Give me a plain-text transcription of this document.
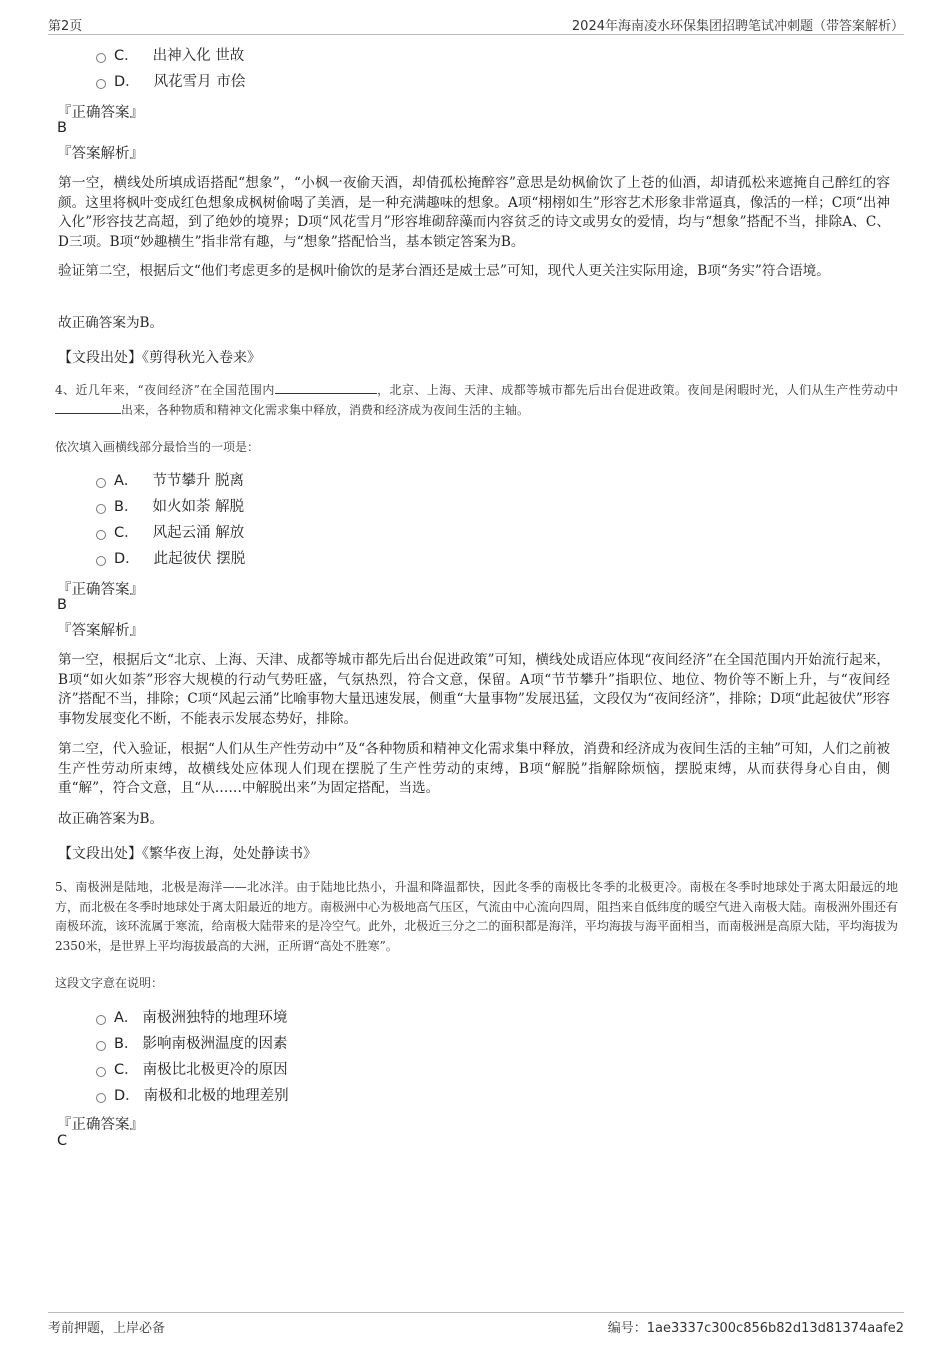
第2页	2024年海南凌水环保集团招聘笔试冲刺题（带答案解析）
C． 出神入化 世故
D． 风花雪月 市侩
『正确答案』
B
『答案解析』
第一空，横线处所填成语搭配“想象”，“小枫一夜偷天酒，却倩孤松掩醉容”意思是幼枫偷饮了上苍的仙酒，却请孤松来遮掩自己醉红的容颜。这里将枫叶变成红色想象成枫树偷喝了美酒，是一种充满趣味的想象。A项“栩栩如生”形容艺术形象非常逼真，像活的一样；C项“出神入化”形容技艺高超，到了绝妙的境界；D项“风花雪月”形容堆砌辞藻而内容贫乏的诗文或男女的爱情，均与“想象”搭配不当，排除A、C、D三项。B项“妙趣横生”指非常有趣，与“想象”搭配恰当，基本锁定答案为B。
验证第二空，根据后文“他们考虑更多的是枫叶偷饮的是茅台酒还是威士忌”可知，现代人更关注实际用途，B项“务实”符合语境。
故正确答案为B。
【文段出处】《剪得秋光入卷来》
4、近几年来，“夜间经济”在全国范围内	，北京、上海、天津、成都等城市都先后出台促进政策。夜间是闲暇时光，人们从生产性劳动中出来，各种物质和精神文化需求集中释放，消费和经济成为夜间生活的主轴。
依次填入画横线部分最恰当的一项是：
A． 节节攀升 脱离
B． 如火如荼 解脱
C． 风起云涌 解放
D． 此起彼伏 摆脱
『正确答案』
B
『答案解析』
第一空，根据后文“北京、上海、天津、成都等城市都先后出台促进政策”可知，横线处成语应体现“夜间经济”在全国范围内开始流行起来，B项“如火如荼”形容大规模的行动气势旺盛，气氛热烈，符合文意，保留。A项“节节攀升”指职位、地位、物价等不断上升，与“夜间经济”搭配不当，排除；C项“风起云涌”比喻事物大量迅速发展，侧重“大量事物”发展迅猛，文段仅为“夜间经济”，排除；D项“此起彼伏”形容事物发展变化不断，不能表示发展态势好，排除。
第二空，代入验证，根据“人们从生产性劳动中”及“各种物质和精神文化需求集中释放，消费和经济成为夜间生活的主轴”可知，人们之前被生产性劳动所束缚，故横线处应体现人们现在摆脱了生产性劳动的束缚，B项“解脱”指解除烦恼，摆脱束缚，从而获得身心自由，侧重“解”，符合文意，且“从……中解脱出来”为固定搭配，当选。
故正确答案为B。
【文段出处】《繁华夜上海，处处静读书》
5、南极洲是陆地，北极是海洋——北冰洋。由于陆地比热小，升温和降温都快，因此冬季的南极比冬季的北极更冷。南极在冬季时地球处于离太阳最远的地方，而北极在冬季时地球处于离太阳最近的地方。南极洲中心为极地高气压区，气流由中心流向四周，阻挡来自低纬度的暖空气进入南极大陆。南极洲外围还有南极环流，该环流属于寒流，给南极大陆带来的是冷空气。此外，北极近三分之二的面积都是海洋，平均海拔与海平面相当，而南极洲是高原大陆，平均海拔为2350米，是世界上平均海拔最高的大洲，正所谓“高处不胜寒”。
这段文字意在说明：
A． 南极洲独特的地理环境
B． 影响南极洲温度的因素
C． 南极比北极更冷的原因
D． 南极和北极的地理差别
『正确答案』
C
考前押题，上岸必备	编号：1ae3337c300c856b82d13d81374aafe2
